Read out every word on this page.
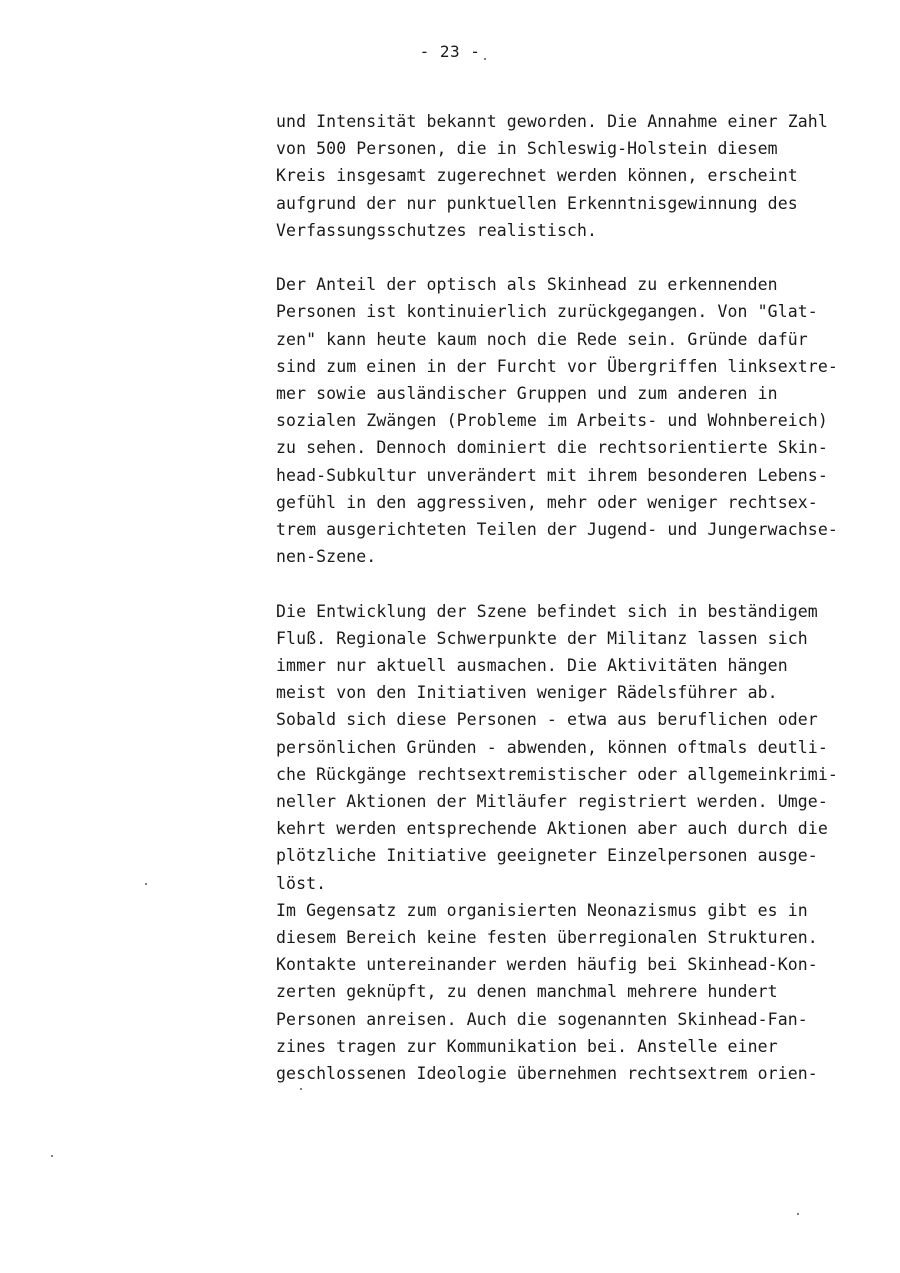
- 23 -

und Intensität bekannt geworden. Die Annahme einer Zahl
von 500 Personen, die in Schleswig-Holstein diesem
Kreis insgesamt zugerechnet werden können, erscheint
aufgrund der nur punktuellen Erkenntnisgewinnung des
Verfassungsschutzes realistisch.

Der Anteil der optisch als Skinhead zu erkennenden
Personen ist kontinuierlich zurückgegangen. Von "Glat-
zen" kann heute kaum noch die Rede sein. Gründe dafür
sind zum einen in der Furcht vor Übergriffen linksextre-
mer sowie ausländischer Gruppen und zum anderen in
sozialen Zwängen (Probleme im Arbeits- und Wohnbereich)
zu sehen. Dennoch dominiert die rechtsorientierte Skin-
head-Subkultur unverändert mit ihrem besonderen Lebens-
gefühl in den aggressiven, mehr oder weniger rechtsex-
trem ausgerichteten Teilen der Jugend- und Jungerwachse-
nen-Szene.

Die Entwicklung der Szene befindet sich in beständigem
Fluß. Regionale Schwerpunkte der Militanz lassen sich
immer nur aktuell ausmachen. Die Aktivitäten hängen
meist von den Initiativen weniger Rädelsführer ab.
Sobald sich diese Personen - etwa aus beruflichen oder
persönlichen Gründen - abwenden, können oftmals deutli-
che Rückgänge rechtsextremistischer oder allgemeinkrimi-
neller Aktionen der Mitläufer registriert werden. Umge-
kehrt werden entsprechende Aktionen aber auch durch die
plötzliche Initiative geeigneter Einzelpersonen ausge-
löst.

Im Gegensatz zum organisierten Neonazismus gibt es in
diesem Bereich keine festen überregionalen Strukturen.
Kontakte untereinander werden häufig bei Skinhead-Kon-
zerten geknüpft, zu denen manchmal mehrere hundert
Personen anreisen. Auch die sogenannten Skinhead-Fan-
zines tragen zur Kommunikation bei. Anstelle einer
geschlossenen Ideologie übernehmen rechtsextrem orien-
